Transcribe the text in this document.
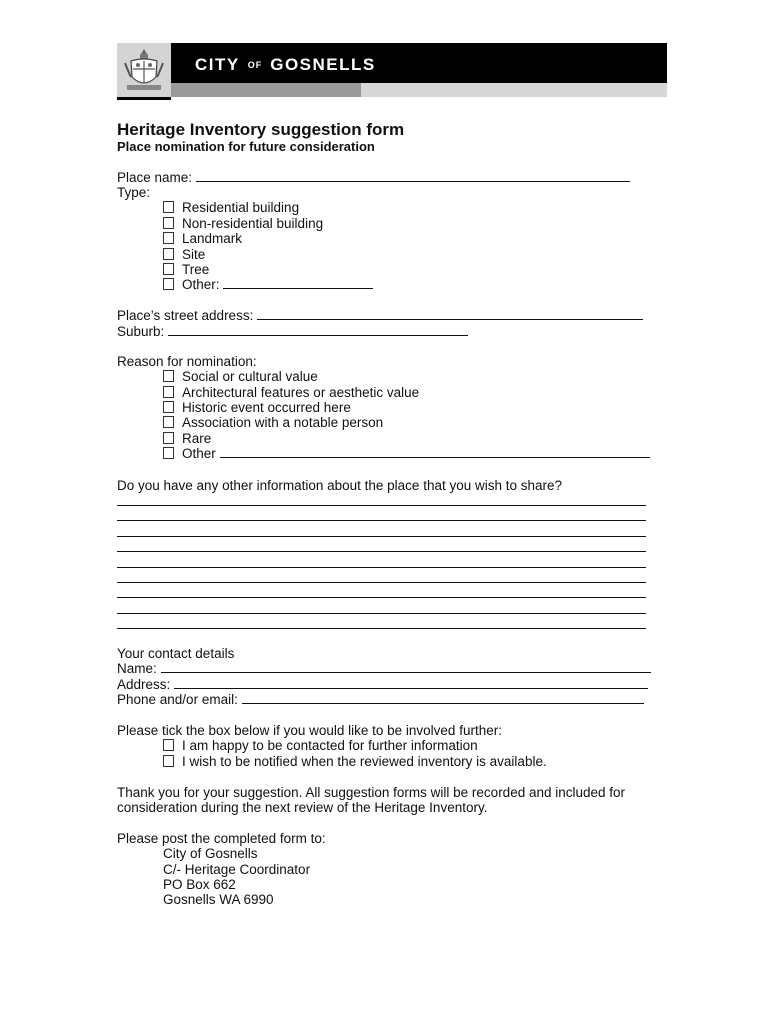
CITY OF GOSNELLS
Heritage Inventory suggestion form
Place nomination for future consideration
Place name:
Type:
Residential building
Non-residential building
Landmark
Site
Tree
Other:
Place’s street address:
Suburb:
Reason for nomination:
Social or cultural value
Architectural features or aesthetic value
Historic event occurred here
Association with a notable person
Rare
Other
Do you have any other information about the place that you wish to share?
Your contact details
Name:
Address:
Phone and/or email:
Please tick the box below if you would like to be involved further:
I am happy to be contacted for further information
I wish to be notified when the reviewed inventory is available.
Thank you for your suggestion. All suggestion forms will be recorded and included for
consideration during the next review of the Heritage Inventory.
Please post the completed form to:
City of Gosnells
C/- Heritage Coordinator
PO Box 662
Gosnells WA 6990
